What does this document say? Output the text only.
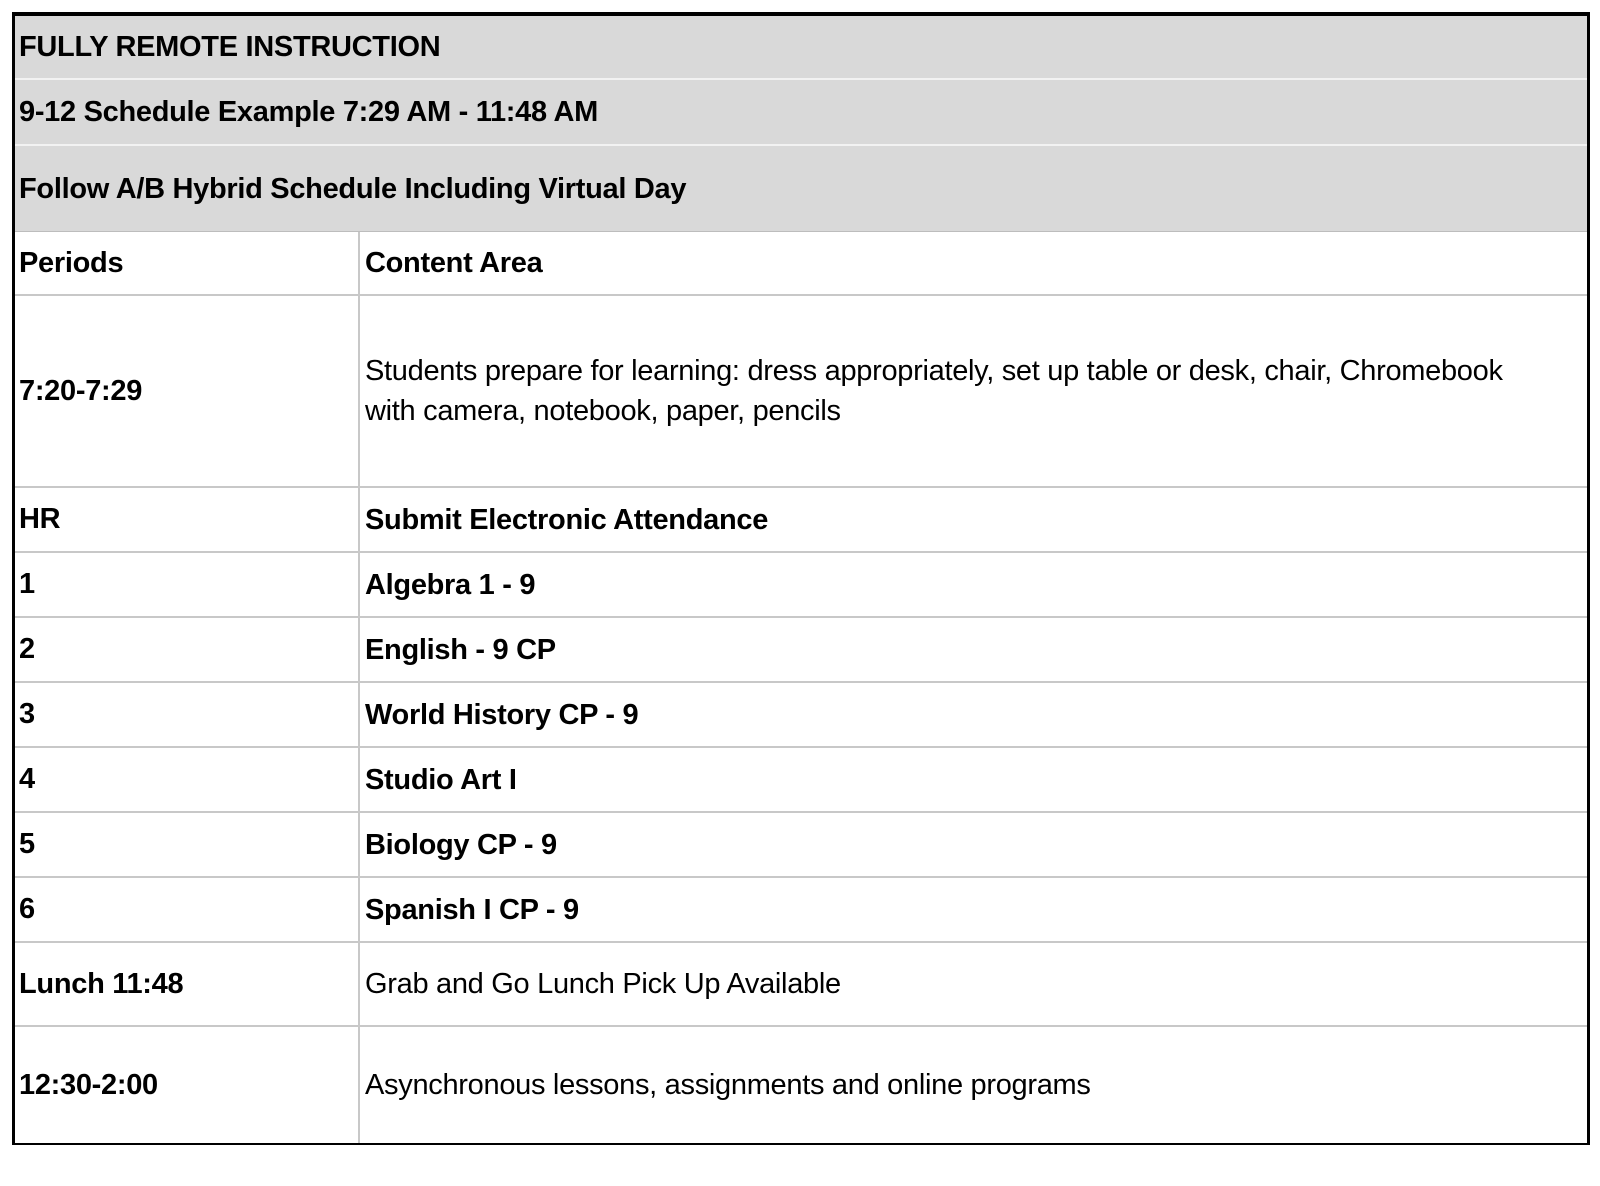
FULLY REMOTE INSTRUCTION
9-12 Schedule Example 7:29 AM - 11:48 AM
Follow A/B Hybrid Schedule Including Virtual Day
Periods	Content Area
7:20-7:29	Students prepare for learning: dress appropriately, set up table or desk, chair, Chromebook with camera, notebook, paper, pencils
HR	Submit Electronic Attendance
1	Algebra 1 - 9
2	English - 9 CP
3	World History CP - 9
4	Studio Art I
5	Biology CP - 9
6	Spanish I CP - 9
Lunch 11:48	Grab and Go Lunch Pick Up Available
12:30-2:00	Asynchronous lessons, assignments and online programs
